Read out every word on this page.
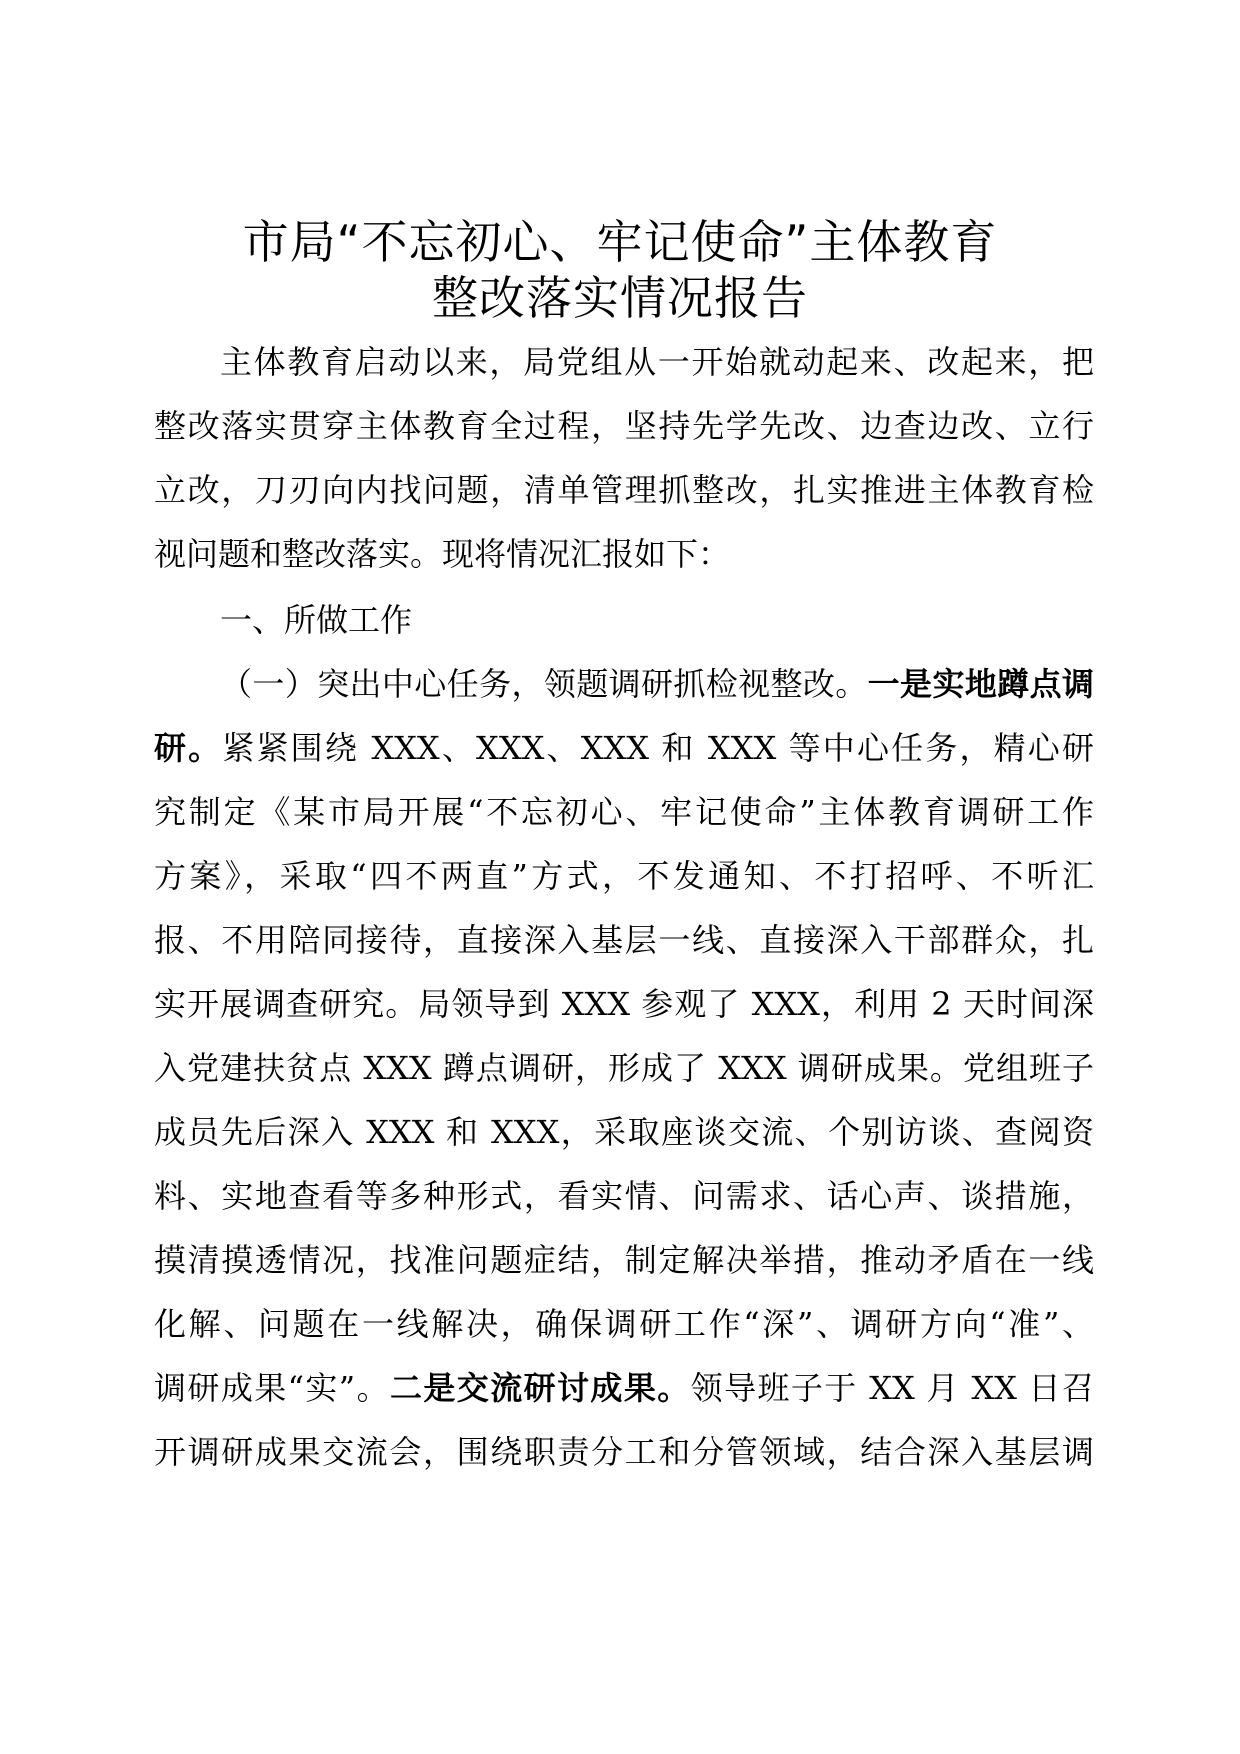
市局“不忘初心、牢记使命”主体教育
整改落实情况报告
主体教育启动以来，局党组从一开始就动起来、改起来，把
整改落实贯穿主体教育全过程，坚持先学先改、边查边改、立行
立改，刀刃向内找问题，清单管理抓整改，扎实推进主体教育检
视问题和整改落实。现将情况汇报如下：
一、所做工作
（一）突出中心任务，领题调研抓检视整改。一是实地蹲点调
研。紧紧围绕 XXX、XXX、XXX 和 XXX 等中心任务，精心研
究制定《某市局开展“不忘初心、牢记使命”主体教育调研工作
方案》，采取“四不两直”方式，不发通知、不打招呼、不听汇
报、不用陪同接待，直接深入基层一线、直接深入干部群众，扎
实开展调查研究。局领导到 XXX 参观了 XXX，利用 2 天时间深
入党建扶贫点 XXX 蹲点调研，形成了 XXX 调研成果。党组班子
成员先后深入 XXX 和 XXX，采取座谈交流、个别访谈、查阅资
料、实地查看等多种形式，看实情、问需求、话心声、谈措施，
摸清摸透情况，找准问题症结，制定解决举措，推动矛盾在一线
化解、问题在一线解决，确保调研工作“深”、调研方向“准”、
调研成果“实”。二是交流研讨成果。领导班子于 XX 月 XX 日召
开调研成果交流会，围绕职责分工和分管领域，结合深入基层调
